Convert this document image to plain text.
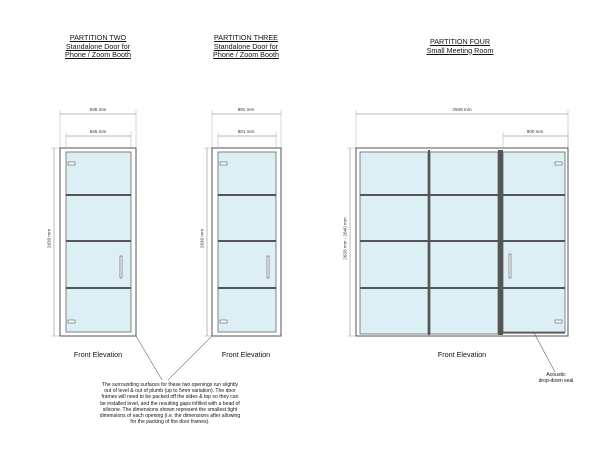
PARTITION TWO
Standalone Door for
Phone / Zoom Booth
PARTITION THREE
Standalone Door for
Phone / Zoom Booth
PARTITION FOUR
Small Meeting Room
935 mm
845 mm
2630 mm
891 mm
801 mm
2630 mm
2949 mm
900 mm
2633 mm - 2640 mm
Front Elevation	Front Elevation	Front Elevation
Acoustic
drop-down seal
The surrounding surfaces for these two openings run slightly
out of level & out of plumb (up to 5mm variation). The door
frames will need to be packed off the sides & top so they can
be installed level, and the resulting gaps infilled with a bead of
silicone. The dimensions shown represent the smallest tight
dimensions of each opening (i.e. the dimensions after allowing
for the packing of the door frames).
